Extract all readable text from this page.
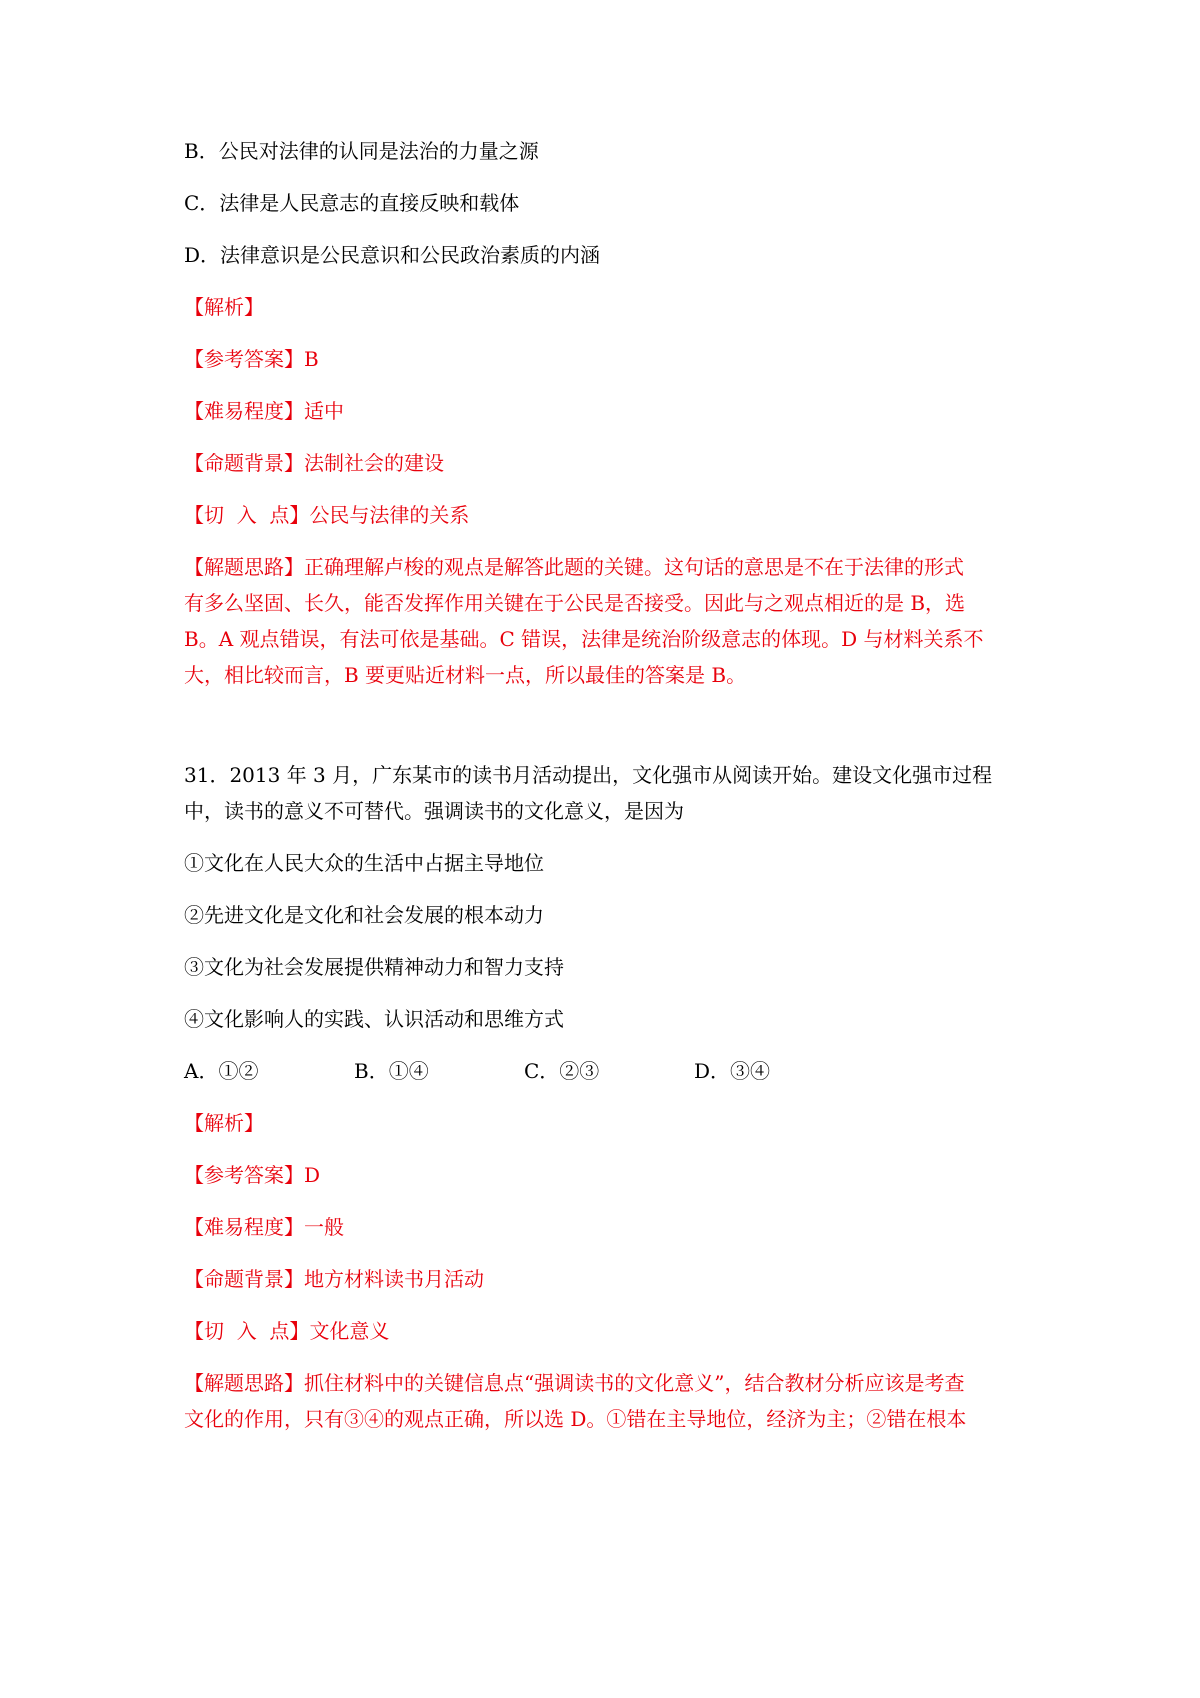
B．公民对法律的认同是法治的力量之源
C．法律是人民意志的直接反映和载体
D．法律意识是公民意识和公民政治素质的内涵
【解析】
【参考答案】B
【难易程度】适中
【命题背景】法制社会的建设
【切  入  点】公民与法律的关系
【解题思路】正确理解卢梭的观点是解答此题的关键。这句话的意思是不在于法律的形式
有多么坚固、长久，能否发挥作用关键在于公民是否接受。因此与之观点相近的是 B，选
B。A 观点错误，有法可依是基础。C 错误，法律是统治阶级意志的体现。D 与材料关系不
大，相比较而言，B 要更贴近材料一点，所以最佳的答案是 B。
31．2013 年 3 月，广东某市的读书月活动提出，文化强市从阅读开始。建设文化强市过程
中，读书的意义不可替代。强调读书的文化意义，是因为
①文化在人民大众的生活中占据主导地位
②先进文化是文化和社会发展的根本动力
③文化为社会发展提供精神动力和智力支持
④文化影响人的实践、认识活动和思维方式
A．①②	B．①④	C．②③	D．③④
【解析】
【参考答案】D
【难易程度】一般
【命题背景】地方材料读书月活动
【切  入  点】文化意义
【解题思路】抓住材料中的关键信息点“强调读书的文化意义”，结合教材分析应该是考查
文化的作用，只有③④的观点正确，所以选 D。①错在主导地位，经济为主；②错在根本
